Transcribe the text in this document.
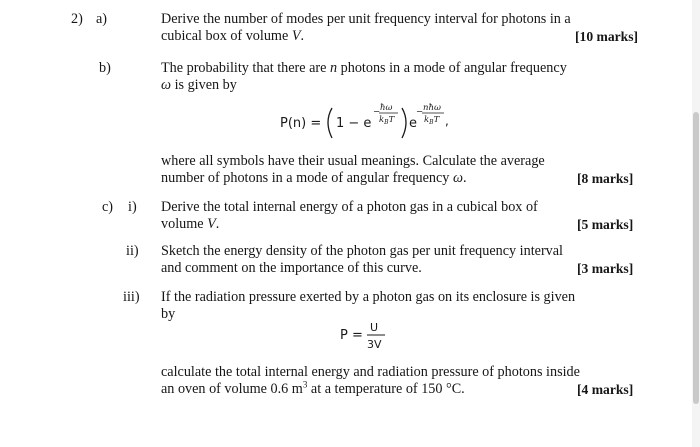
2) a)	Derive the number of modes per unit frequency interval for photons in a
cubical box of volume V.	[10 marks]
b)	The probability that there are n photons in a mode of angular frequency
ω is given by
P(n) = 1 − e
− ħω
$k_BT$ e
− nħω
$k_BT$ ,
where all symbols have their usual meanings. Calculate the average
number of photons in a mode of angular frequency ω.	[8 marks]
c) i) Derive the total internal energy of a photon gas in a cubical box of
volume V.	[5 marks]
ii) Sketch the energy density of the photon gas per unit frequency interval
and comment on the importance of this curve.	[3 marks]
iii) If the radiation pressure exerted by a photon gas on its enclosure is given
by
P =
U
3V
calculate the total internal energy and radiation pressure of photons inside
an oven of volume 0.6 $m^3$ at a temperature of 150 °C.	[4 marks]
